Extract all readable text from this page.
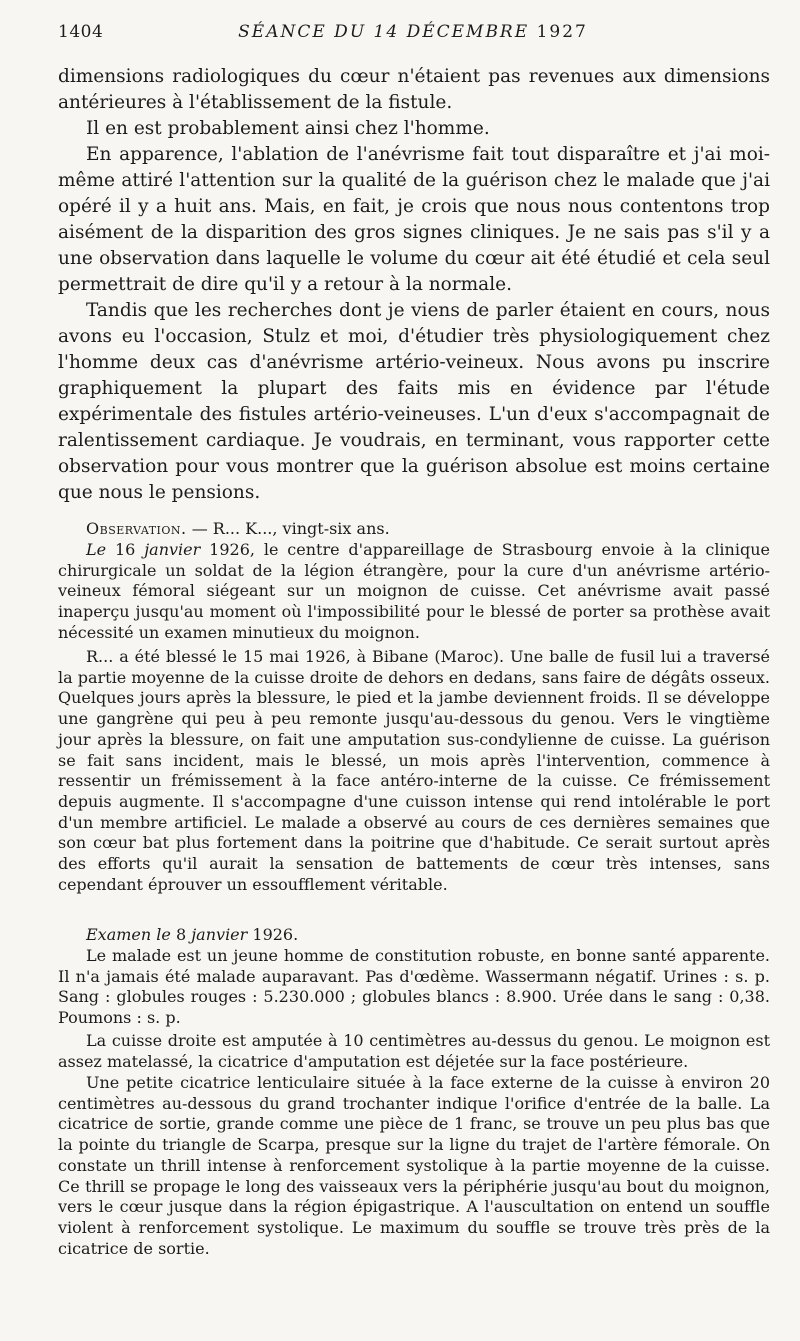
1404	SÉANCE DU 14 DÉCEMBRE 1927

dimensions radiologiques du cœur n'étaient pas revenues aux dimensions antérieures à l'établissement de la fistule.

Il en est probablement ainsi chez l'homme.

En apparence, l'ablation de l'anévrisme fait tout disparaître et j'ai moi-même attiré l'attention sur la qualité de la guérison chez le malade que j'ai opéré il y a huit ans. Mais, en fait, je crois que nous nous contentons trop aisément de la disparition des gros signes cliniques. Je ne sais pas s'il y a une observation dans laquelle le volume du cœur ait été étudié et cela seul permettrait de dire qu'il y a retour à la normale.

Tandis que les recherches dont je viens de parler étaient en cours, nous avons eu l'occasion, Stulz et moi, d'étudier très physiologiquement chez l'homme deux cas d'anévrisme artério-veineux. Nous avons pu inscrire graphiquement la plupart des faits mis en évidence par l'étude expérimentale des fistules artério-veineuses. L'un d'eux s'accompagnait de ralentissement cardiaque. Je voudrais, en terminant, vous rapporter cette observation pour vous montrer que la guérison absolue est moins certaine que nous le pensions.

Observation. — R... K..., vingt-six ans.

Le 16 janvier 1926, le centre d'appareillage de Strasbourg envoie à la clinique chirurgicale un soldat de la légion étrangère, pour la cure d'un anévrisme artério-veineux fémoral siégeant sur un moignon de cuisse. Cet anévrisme avait passé inaperçu jusqu'au moment où l'impossibilité pour le blessé de porter sa prothèse avait nécessité un examen minutieux du moignon.

R... a été blessé le 15 mai 1926, à Bibane (Maroc). Une balle de fusil lui a traversé la partie moyenne de la cuisse droite de dehors en dedans, sans faire de dégâts osseux. Quelques jours après la blessure, le pied et la jambe deviennent froids. Il se développe une gangrène qui peu à peu remonte jusqu'au-dessous du genou. Vers le vingtième jour après la blessure, on fait une amputation sus-condylienne de cuisse. La guérison se fait sans incident, mais le blessé, un mois après l'intervention, commence à ressentir un frémissement à la face antéro-interne de la cuisse. Ce frémissement depuis augmente. Il s'accompagne d'une cuisson intense qui rend intolérable le port d'un membre artificiel. Le malade a observé au cours de ces dernières semaines que son cœur bat plus fortement dans la poitrine que d'habitude. Ce serait surtout après des efforts qu'il aurait la sensation de battements de cœur très intenses, sans cependant éprouver un essoufflement véritable.

Examen le 8 janvier 1926.

Le malade est un jeune homme de constitution robuste, en bonne santé apparente. Il n'a jamais été malade auparavant. Pas d'œdème. Wassermann négatif. Urines : s. p. Sang : globules rouges : 5.230.000 ; globules blancs : 8.900. Urée dans le sang : 0,38. Poumons : s. p.

La cuisse droite est amputée à 10 centimètres au-dessus du genou. Le moignon est assez matelassé, la cicatrice d'amputation est déjetée sur la face postérieure.

Une petite cicatrice lenticulaire située à la face externe de la cuisse à environ 20 centimètres au-dessous du grand trochanter indique l'orifice d'entrée de la balle. La cicatrice de sortie, grande comme une pièce de 1 franc, se trouve un peu plus bas que la pointe du triangle de Scarpa, presque sur la ligne du trajet de l'artère fémorale. On constate un thrill intense à renforcement systolique à la partie moyenne de la cuisse. Ce thrill se propage le long des vaisseaux vers la périphérie jusqu'au bout du moignon, vers le cœur jusque dans la région épigastrique. A l'auscultation on entend un souffle violent à renforcement systolique. Le maximum du souffle se trouve très près de la cicatrice de sortie.
